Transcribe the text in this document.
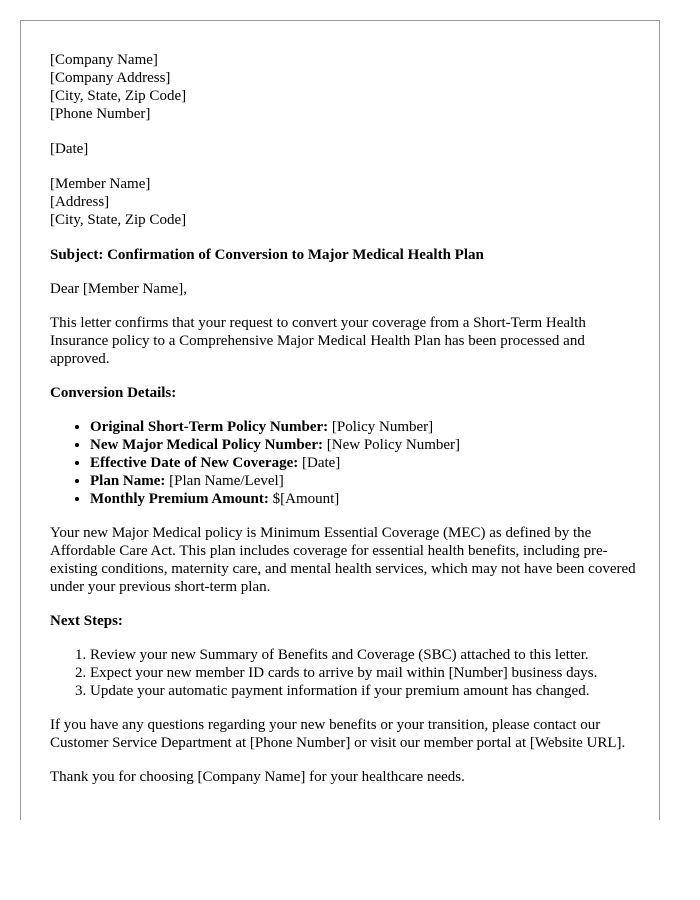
[Company Name]
[Company Address]
[City, State, Zip Code]
[Phone Number]
[Date]
[Member Name]
[Address]
[City, State, Zip Code]

Subject: Confirmation of Conversion to Major Medical Health Plan

Dear [Member Name],

This letter confirms that your request to convert your coverage from a Short-Term Health Insurance policy to a Comprehensive Major Medical Health Plan has been processed and approved.

Conversion Details:

• Original Short-Term Policy Number: [Policy Number]
• New Major Medical Policy Number: [New Policy Number]
• Effective Date of New Coverage: [Date]
• Plan Name: [Plan Name/Level]
• Monthly Premium Amount: $[Amount]

Your new Major Medical policy is Minimum Essential Coverage (MEC) as defined by the Affordable Care Act. This plan includes coverage for essential health benefits, including pre-existing conditions, maternity care, and mental health services, which may not have been covered under your previous short-term plan.

Next Steps:

1. Review your new Summary of Benefits and Coverage (SBC) attached to this letter.
2. Expect your new member ID cards to arrive by mail within [Number] business days.
3. Update your automatic payment information if your premium amount has changed.

If you have any questions regarding your new benefits or your transition, please contact our Customer Service Department at [Phone Number] or visit our member portal at [Website URL].

Thank you for choosing [Company Name] for your healthcare needs.
